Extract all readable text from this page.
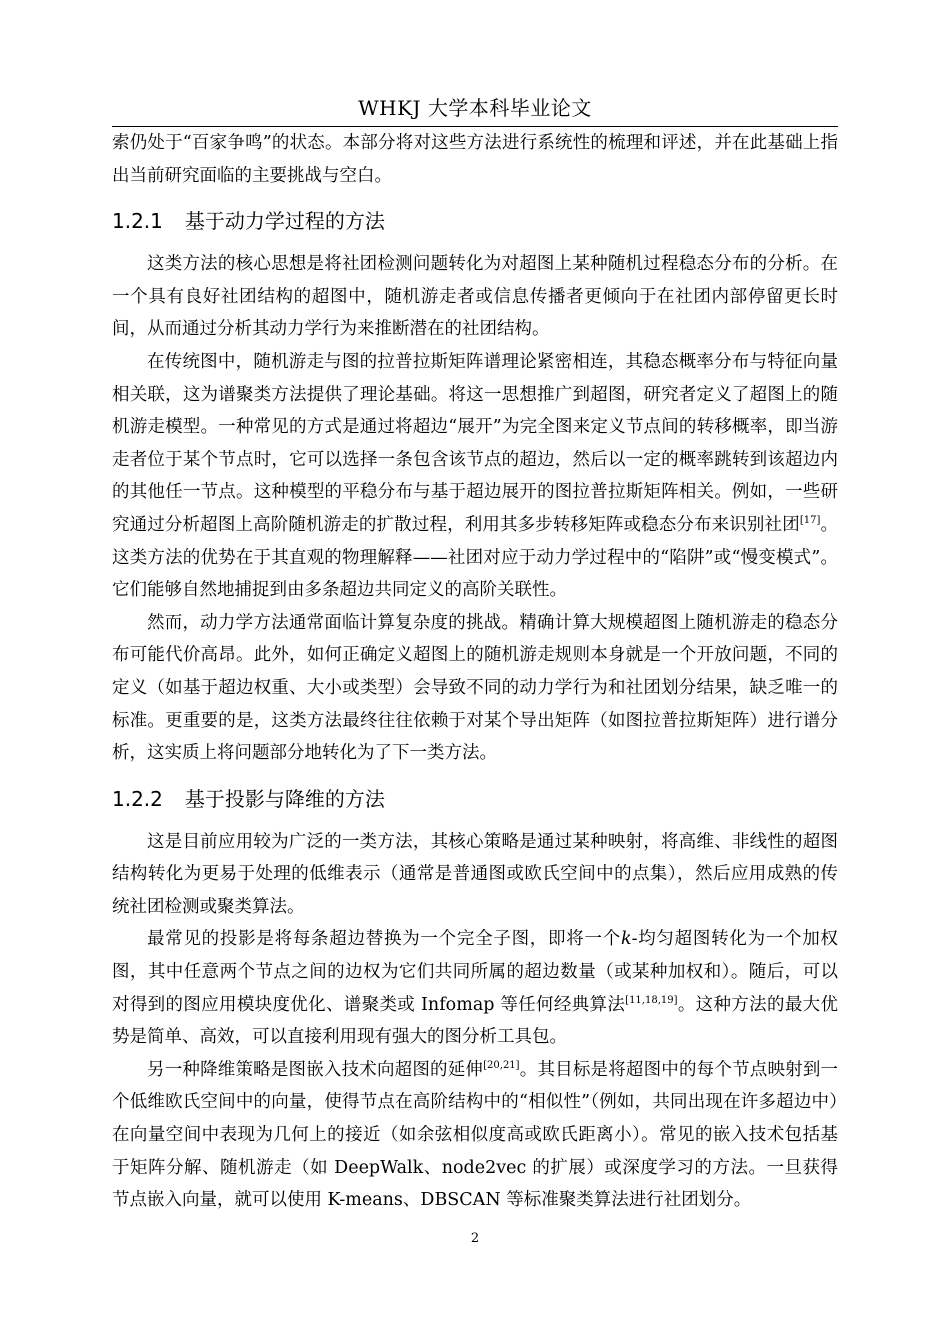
WHKJ 大学本科毕业论文

索仍处于“百家争鸣”的状态。本部分将对这些方法进行系统性的梳理和评述，并在此基础上指出当前研究面临的主要挑战与空白。

1.2.1 基于动力学过程的方法

这类方法的核心思想是将社团检测问题转化为对超图上某种随机过程稳态分布的分析。在一个具有良好社团结构的超图中，随机游走者或信息传播者更倾向于在社团内部停留更长时间，从而通过分析其动力学行为来推断潜在的社团结构。

在传统图中，随机游走与图的拉普拉斯矩阵谱理论紧密相连，其稳态概率分布与特征向量相关联，这为谱聚类方法提供了理论基础。将这一思想推广到超图，研究者定义了超图上的随机游走模型。一种常见的方式是通过将超边“展开”为完全图来定义节点间的转移概率，即当游走者位于某个节点时，它可以选择一条包含该节点的超边，然后以一定的概率跳转到该超边内的其他任一节点。这种模型的平稳分布与基于超边展开的图拉普拉斯矩阵相关。例如，一些研究通过分析超图上高阶随机游走的扩散过程，利用其多步转移矩阵或稳态分布来识别社团[17]。这类方法的优势在于其直观的物理解释——社团对应于动力学过程中的“陷阱”或“慢变模式”。它们能够自然地捕捉到由多条超边共同定义的高阶关联性。

然而，动力学方法通常面临计算复杂度的挑战。精确计算大规模超图上随机游走的稳态分布可能代价高昂。此外，如何正确定义超图上的随机游走规则本身就是一个开放问题，不同的定义（如基于超边权重、大小或类型）会导致不同的动力学行为和社团划分结果，缺乏唯一的标准。更重要的是，这类方法最终往往依赖于对某个导出矩阵（如图拉普拉斯矩阵）进行谱分析，这实质上将问题部分地转化为了下一类方法。

1.2.2 基于投影与降维的方法

这是目前应用较为广泛的一类方法，其核心策略是通过某种映射，将高维、非线性的超图结构转化为更易于处理的低维表示（通常是普通图或欧氏空间中的点集），然后应用成熟的传统社团检测或聚类算法。

最常见的投影是将每条超边替换为一个完全子图，即将一个k-均匀超图转化为一个加权图，其中任意两个节点之间的边权为它们共同所属的超边数量（或某种加权和）。随后，可以对得到的图应用模块度优化、谱聚类或 Infomap 等任何经典算法[11,18,19]。这种方法的最大优势是简单、高效，可以直接利用现有强大的图分析工具包。

另一种降维策略是图嵌入技术向超图的延伸[20,21]。其目标是将超图中的每个节点映射到一个低维欧氏空间中的向量，使得节点在高阶结构中的“相似性”（例如，共同出现在许多超边中）在向量空间中表现为几何上的接近（如余弦相似度高或欧氏距离小）。常见的嵌入技术包括基于矩阵分解、随机游走（如 DeepWalk、node2vec 的扩展）或深度学习的方法。一旦获得节点嵌入向量，就可以使用 K-means、DBSCAN 等标准聚类算法进行社团划分。

2
